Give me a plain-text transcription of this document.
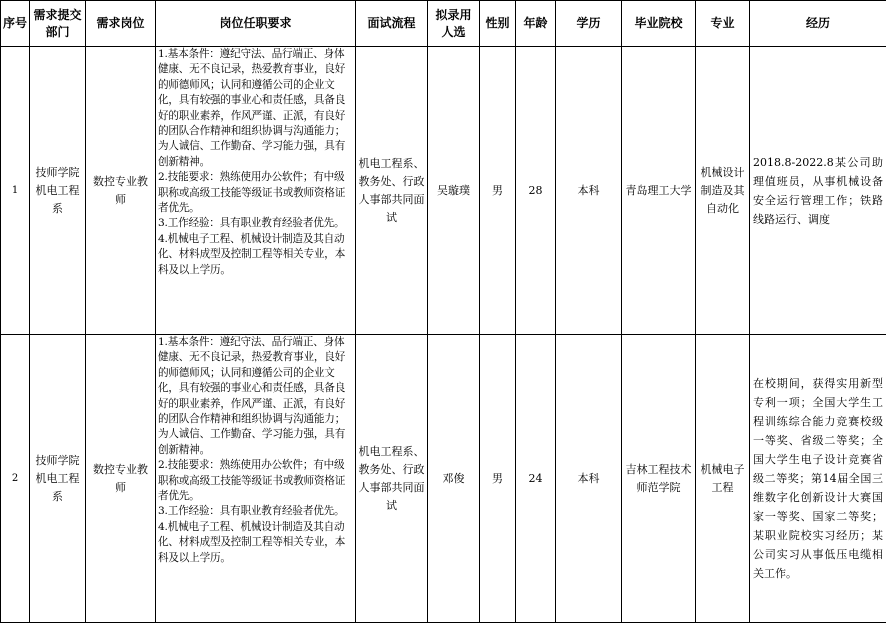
序号	需求提交部门	需求岗位	岗位任职要求	面试流程	拟录用人选	性别	年龄	学历	毕业院校	专业	经历
1	技师学院机电工程系	数控专业教师	1.基本条件：遵纪守法、品行端正、身体健康、无不良记录，热爱教育事业，良好的师德师风；认同和遵循公司的企业文化，具有较强的事业心和责任感，具备良好的职业素养，作风严谨、正派，有良好的团队合作精神和组织协调与沟通能力；为人诚信、工作勤奋、学习能力强，具有创新精神。
2.技能要求：熟练使用办公软件；有中级职称或高级工技能等级证书或教师资格证者优先。
3.工作经验：具有职业教育经验者优先。
4.机械电子工程、机械设计制造及其自动化、材料成型及控制工程等相关专业，本科及以上学历。	机电工程系、教务处、行政人事部共同面试	吴璇璞	男	28	本科	青岛理工大学	机械设计制造及其自动化	2018.8-2022.8某公司助理值班员，从事机械设备安全运行管理工作；铁路线路运行、调度
2	技师学院机电工程系	数控专业教师	1.基本条件：遵纪守法、品行端正、身体健康、无不良记录，热爱教育事业，良好的师德师风；认同和遵循公司的企业文化，具有较强的事业心和责任感，具备良好的职业素养，作风严谨、正派，有良好的团队合作精神和组织协调与沟通能力；为人诚信、工作勤奋、学习能力强，具有创新精神。
2.技能要求：熟练使用办公软件；有中级职称或高级工技能等级证书或教师资格证者优先。
3.工作经验：具有职业教育经验者优先。
4.机械电子工程、机械设计制造及其自动化、材料成型及控制工程等相关专业，本科及以上学历。	机电工程系、教务处、行政人事部共同面试	邓俊	男	24	本科	吉林工程技术师范学院	机械电子工程	在校期间，获得实用新型专利一项；全国大学生工程训练综合能力竞赛校级一等奖、省级二等奖；全国大学生电子设计竞赛省级二等奖；第14届全国三维数字化创新设计大赛国家一等奖、国家二等奖；某职业院校实习经历；某公司实习从事低压电缆相关工作。
